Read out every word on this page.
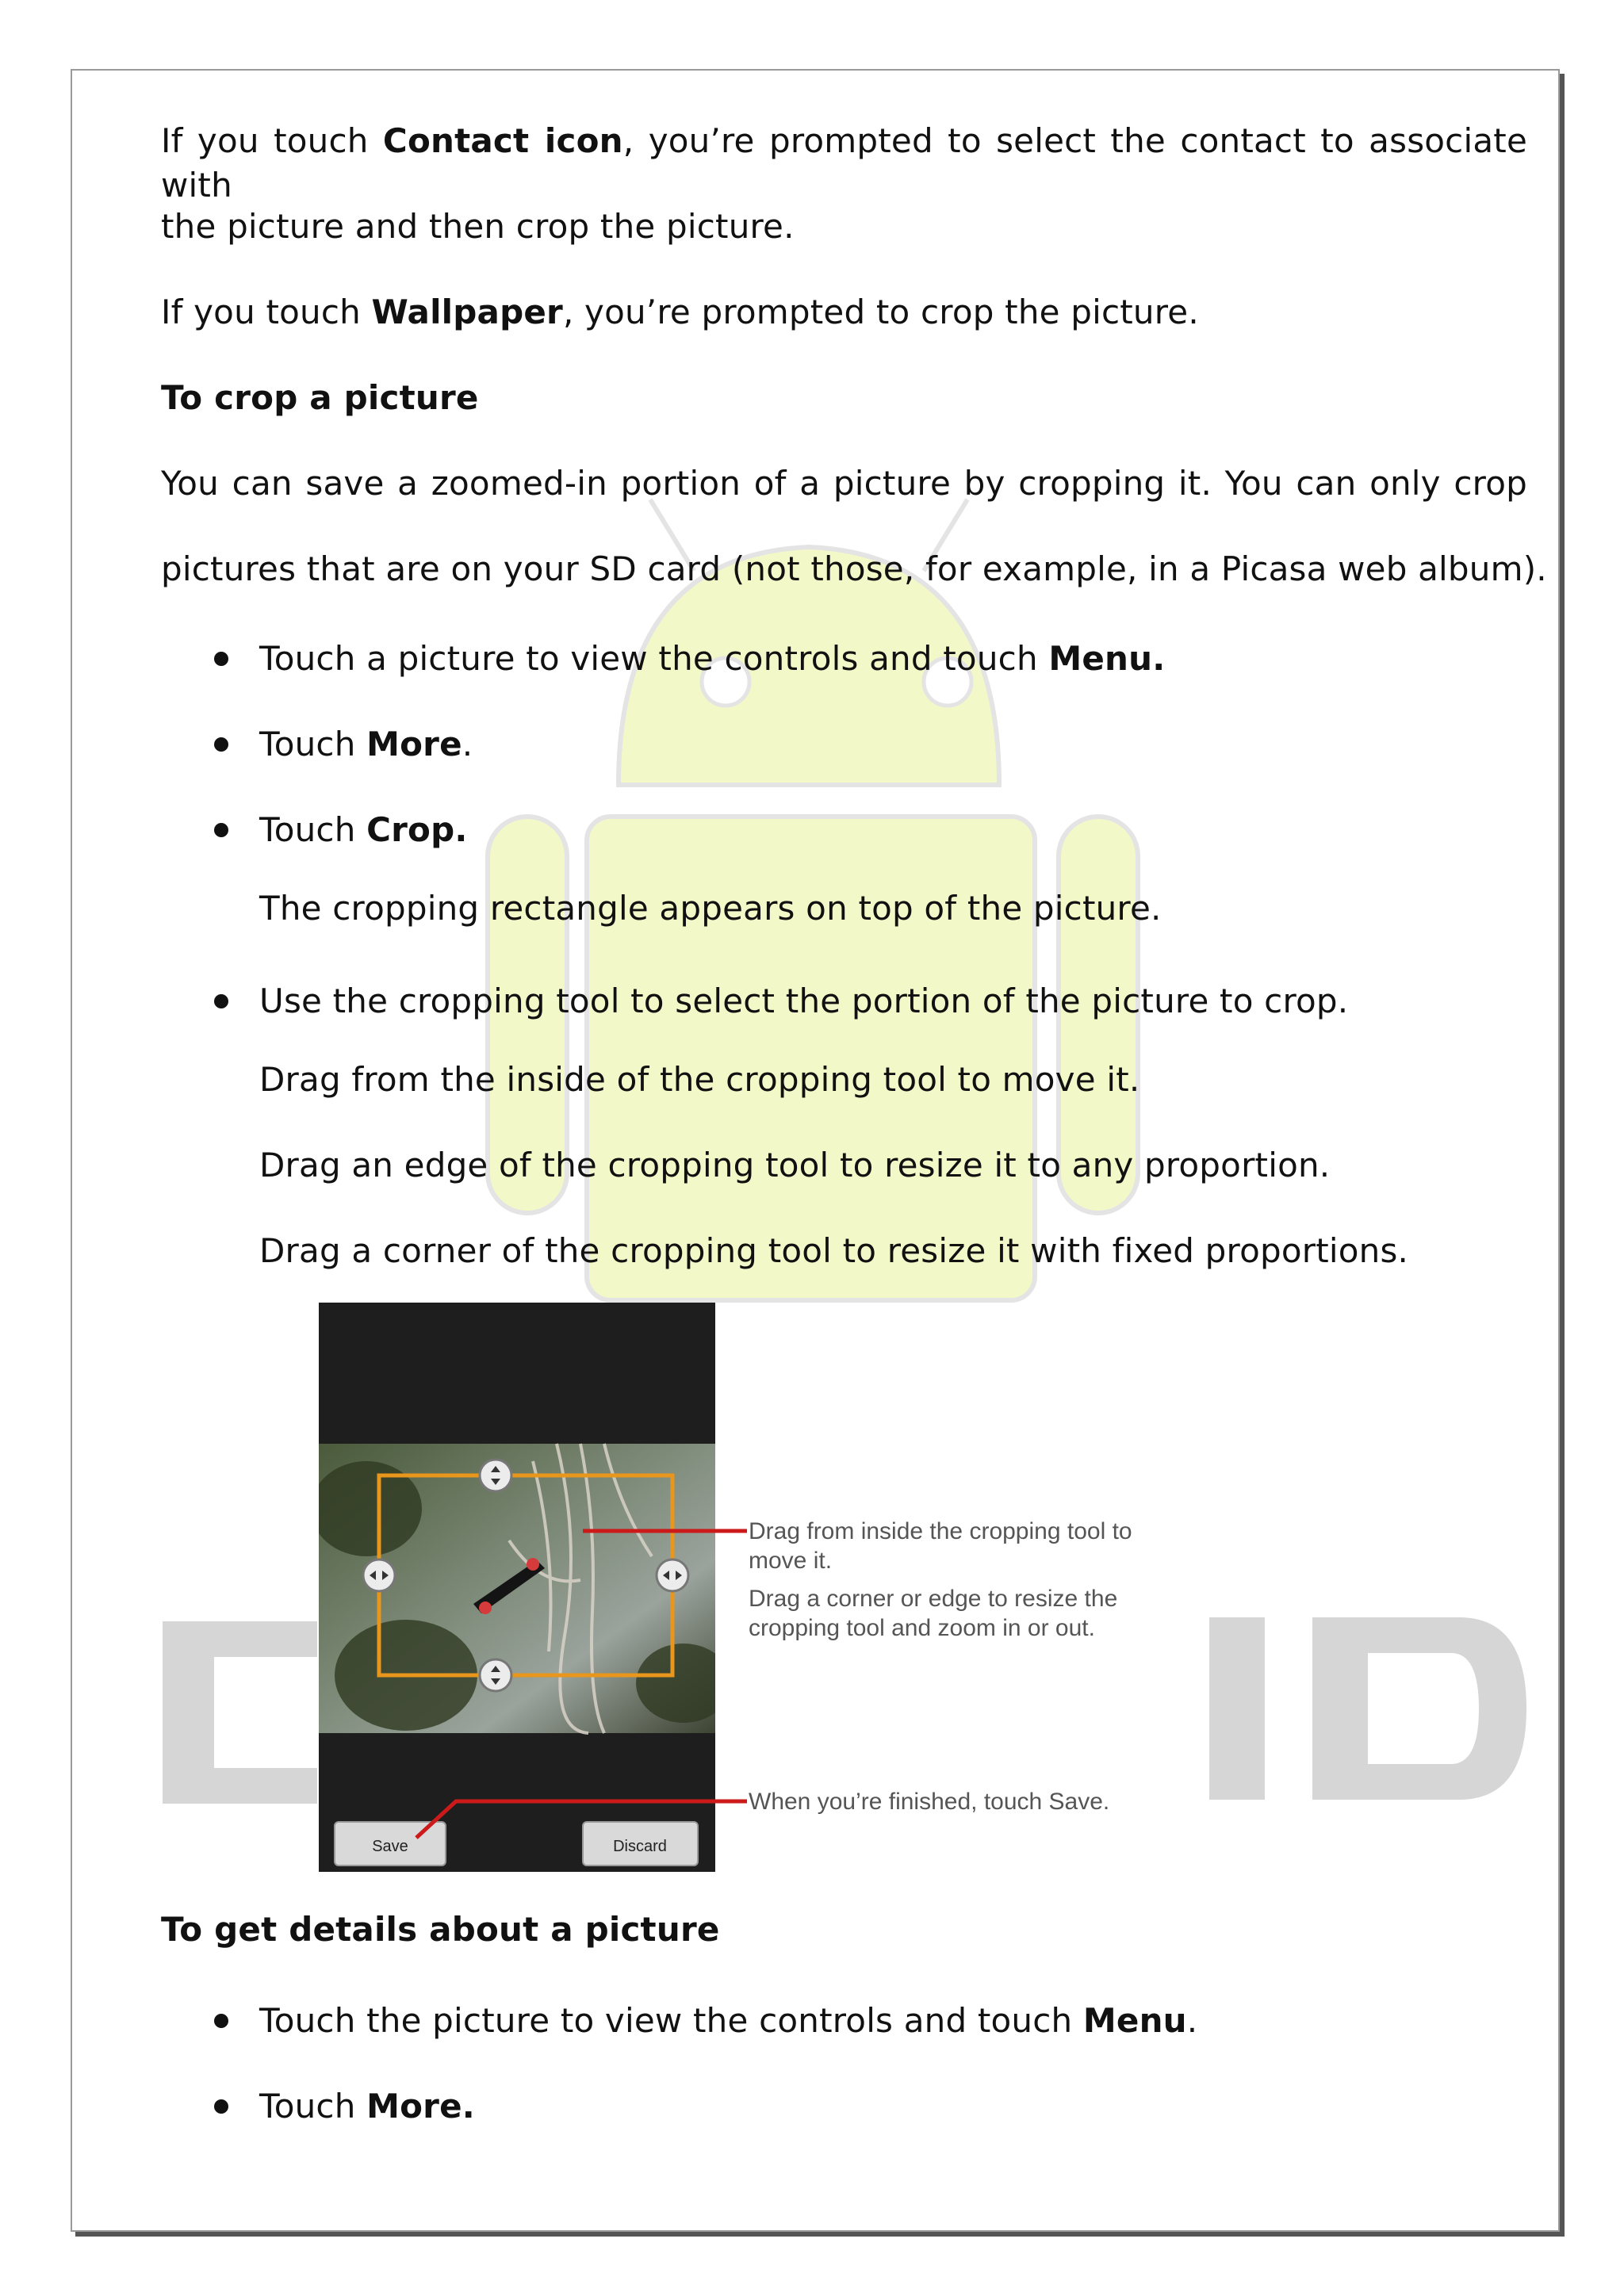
If you touch Contact icon, you’re prompted to select the contact to associate with
the picture and then crop the picture.
If you touch Wallpaper, you’re prompted to crop the picture.
To crop a picture
You can save a zoomed-in portion of a picture by cropping it. You can only crop
pictures that are on your SD card (not those, for example, in a Picasa web album).
Touch a picture to view the controls and touch Menu.
Touch More.
Touch Crop.
The cropping rectangle appears on top of the picture.
Use the cropping tool to select the portion of the picture to crop.
Drag from the inside of the cropping tool to move it.
Drag an edge of the cropping tool to resize it to any proportion.
Drag a corner of the cropping tool to resize it with fixed proportions.
Save	Discard
Drag from inside the cropping tool to
move it.
Drag a corner or edge to resize the
cropping tool and zoom in or out.
When you’re finished, touch Save.
To get details about a picture
Touch the picture to view the controls and touch Menu.
Touch More.
